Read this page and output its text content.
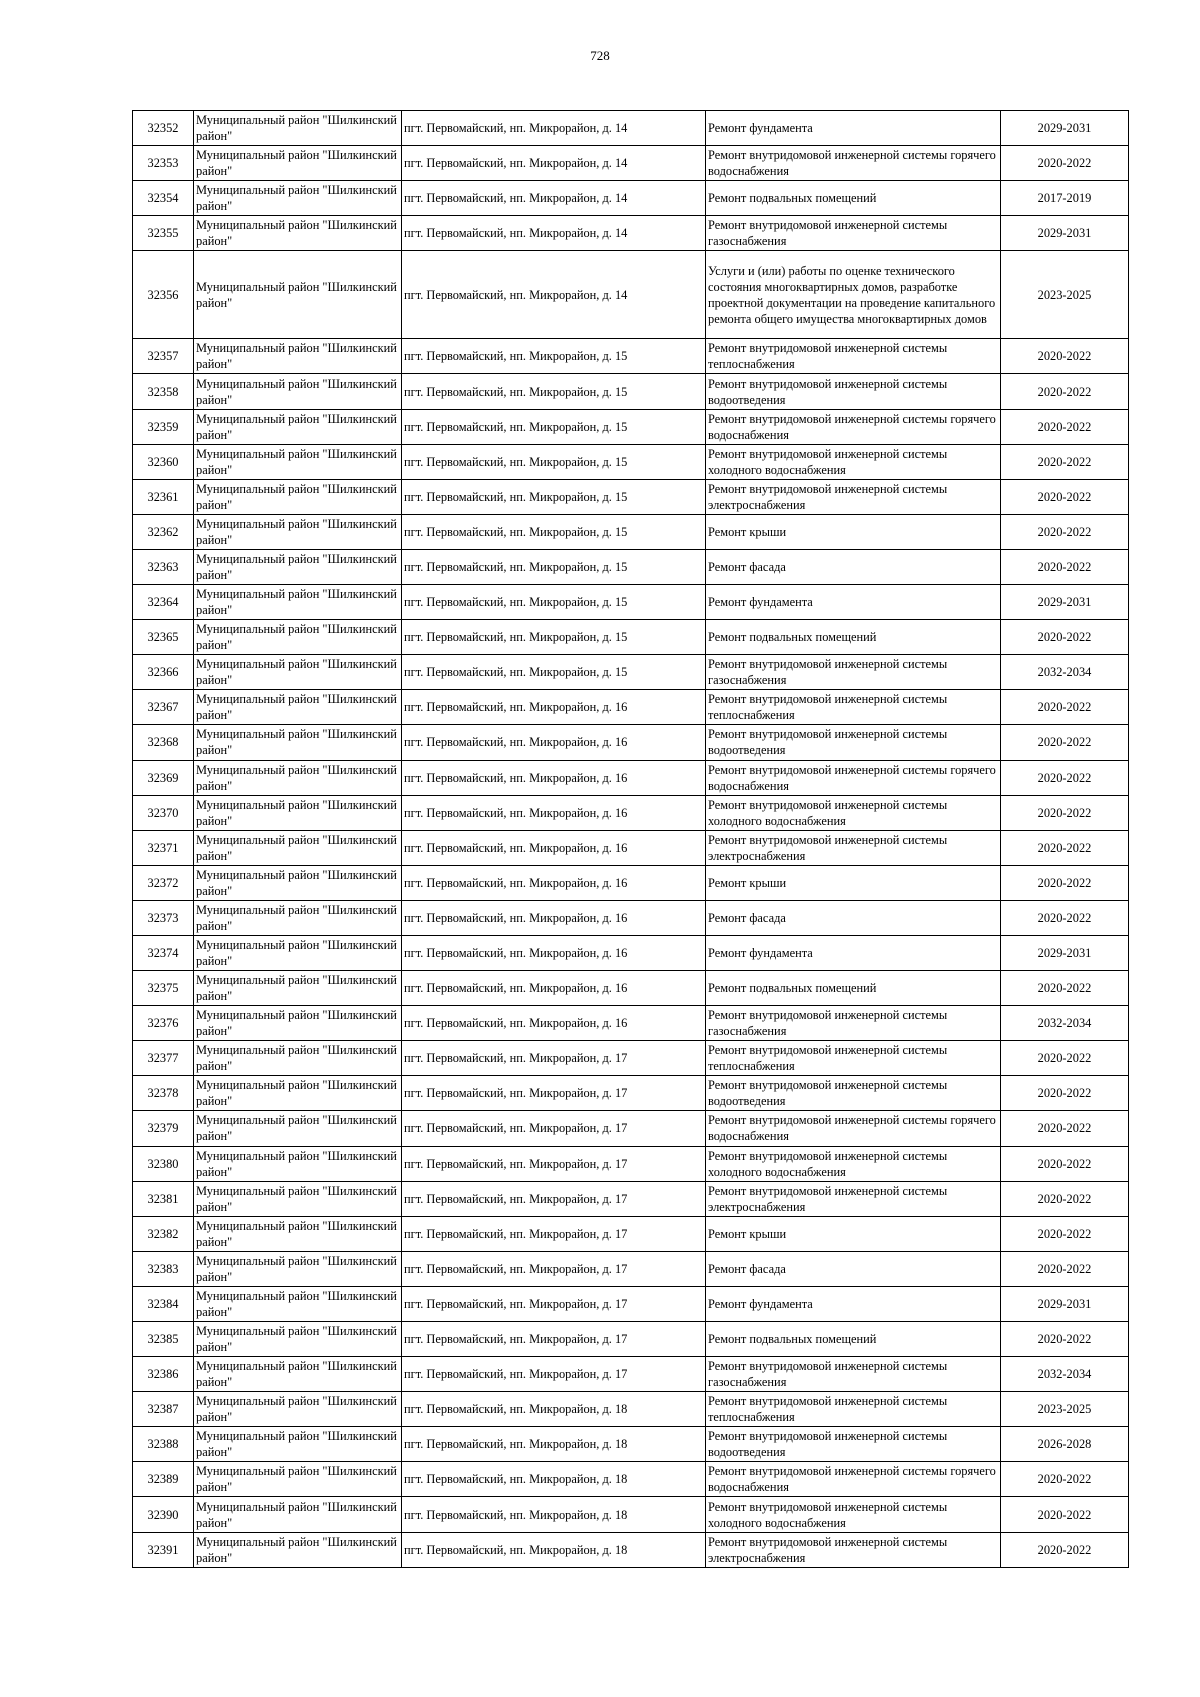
728
32352	Муниципальный район "Шилкинский район"	пгт. Первомайский, нп. Микрорайон, д. 14	Ремонт фундамента	2029-2031
32353	Муниципальный район "Шилкинский район"	пгт. Первомайский, нп. Микрорайон, д. 14	Ремонт внутридомовой инженерной системы горячего водоснабжения	2020-2022
32354	Муниципальный район "Шилкинский район"	пгт. Первомайский, нп. Микрорайон, д. 14	Ремонт подвальных помещений	2017-2019
32355	Муниципальный район "Шилкинский район"	пгт. Первомайский, нп. Микрорайон, д. 14	Ремонт внутридомовой инженерной системы газоснабжения	2029-2031
32356	Муниципальный район "Шилкинский район"	пгт. Первомайский, нп. Микрорайон, д. 14	Услуги и (или) работы по оценке технического состояния многоквартирных домов, разработке проектной документации на проведение капитального ремонта общего имущества многоквартирных домов	2023-2025
32357	Муниципальный район "Шилкинский район"	пгт. Первомайский, нп. Микрорайон, д. 15	Ремонт внутридомовой инженерной системы теплоснабжения	2020-2022
32358	Муниципальный район "Шилкинский район"	пгт. Первомайский, нп. Микрорайон, д. 15	Ремонт внутридомовой инженерной системы водоотведения	2020-2022
32359	Муниципальный район "Шилкинский район"	пгт. Первомайский, нп. Микрорайон, д. 15	Ремонт внутридомовой инженерной системы горячего водоснабжения	2020-2022
32360	Муниципальный район "Шилкинский район"	пгт. Первомайский, нп. Микрорайон, д. 15	Ремонт внутридомовой инженерной системы холодного водоснабжения	2020-2022
32361	Муниципальный район "Шилкинский район"	пгт. Первомайский, нп. Микрорайон, д. 15	Ремонт внутридомовой инженерной системы электроснабжения	2020-2022
32362	Муниципальный район "Шилкинский район"	пгт. Первомайский, нп. Микрорайон, д. 15	Ремонт крыши	2020-2022
32363	Муниципальный район "Шилкинский район"	пгт. Первомайский, нп. Микрорайон, д. 15	Ремонт фасада	2020-2022
32364	Муниципальный район "Шилкинский район"	пгт. Первомайский, нп. Микрорайон, д. 15	Ремонт фундамента	2029-2031
32365	Муниципальный район "Шилкинский район"	пгт. Первомайский, нп. Микрорайон, д. 15	Ремонт подвальных помещений	2020-2022
32366	Муниципальный район "Шилкинский район"	пгт. Первомайский, нп. Микрорайон, д. 15	Ремонт внутридомовой инженерной системы газоснабжения	2032-2034
32367	Муниципальный район "Шилкинский район"	пгт. Первомайский, нп. Микрорайон, д. 16	Ремонт внутридомовой инженерной системы теплоснабжения	2020-2022
32368	Муниципальный район "Шилкинский район"	пгт. Первомайский, нп. Микрорайон, д. 16	Ремонт внутридомовой инженерной системы водоотведения	2020-2022
32369	Муниципальный район "Шилкинский район"	пгт. Первомайский, нп. Микрорайон, д. 16	Ремонт внутридомовой инженерной системы горячего водоснабжения	2020-2022
32370	Муниципальный район "Шилкинский район"	пгт. Первомайский, нп. Микрорайон, д. 16	Ремонт внутридомовой инженерной системы холодного водоснабжения	2020-2022
32371	Муниципальный район "Шилкинский район"	пгт. Первомайский, нп. Микрорайон, д. 16	Ремонт внутридомовой инженерной системы электроснабжения	2020-2022
32372	Муниципальный район "Шилкинский район"	пгт. Первомайский, нп. Микрорайон, д. 16	Ремонт крыши	2020-2022
32373	Муниципальный район "Шилкинский район"	пгт. Первомайский, нп. Микрорайон, д. 16	Ремонт фасада	2020-2022
32374	Муниципальный район "Шилкинский район"	пгт. Первомайский, нп. Микрорайон, д. 16	Ремонт фундамента	2029-2031
32375	Муниципальный район "Шилкинский район"	пгт. Первомайский, нп. Микрорайон, д. 16	Ремонт подвальных помещений	2020-2022
32376	Муниципальный район "Шилкинский район"	пгт. Первомайский, нп. Микрорайон, д. 16	Ремонт внутридомовой инженерной системы газоснабжения	2032-2034
32377	Муниципальный район "Шилкинский район"	пгт. Первомайский, нп. Микрорайон, д. 17	Ремонт внутридомовой инженерной системы теплоснабжения	2020-2022
32378	Муниципальный район "Шилкинский район"	пгт. Первомайский, нп. Микрорайон, д. 17	Ремонт внутридомовой инженерной системы водоотведения	2020-2022
32379	Муниципальный район "Шилкинский район"	пгт. Первомайский, нп. Микрорайон, д. 17	Ремонт внутридомовой инженерной системы горячего водоснабжения	2020-2022
32380	Муниципальный район "Шилкинский район"	пгт. Первомайский, нп. Микрорайон, д. 17	Ремонт внутридомовой инженерной системы холодного водоснабжения	2020-2022
32381	Муниципальный район "Шилкинский район"	пгт. Первомайский, нп. Микрорайон, д. 17	Ремонт внутридомовой инженерной системы электроснабжения	2020-2022
32382	Муниципальный район "Шилкинский район"	пгт. Первомайский, нп. Микрорайон, д. 17	Ремонт крыши	2020-2022
32383	Муниципальный район "Шилкинский район"	пгт. Первомайский, нп. Микрорайон, д. 17	Ремонт фасада	2020-2022
32384	Муниципальный район "Шилкинский район"	пгт. Первомайский, нп. Микрорайон, д. 17	Ремонт фундамента	2029-2031
32385	Муниципальный район "Шилкинский район"	пгт. Первомайский, нп. Микрорайон, д. 17	Ремонт подвальных помещений	2020-2022
32386	Муниципальный район "Шилкинский район"	пгт. Первомайский, нп. Микрорайон, д. 17	Ремонт внутридомовой инженерной системы газоснабжения	2032-2034
32387	Муниципальный район "Шилкинский район"	пгт. Первомайский, нп. Микрорайон, д. 18	Ремонт внутридомовой инженерной системы теплоснабжения	2023-2025
32388	Муниципальный район "Шилкинский район"	пгт. Первомайский, нп. Микрорайон, д. 18	Ремонт внутридомовой инженерной системы водоотведения	2026-2028
32389	Муниципальный район "Шилкинский район"	пгт. Первомайский, нп. Микрорайон, д. 18	Ремонт внутридомовой инженерной системы горячего водоснабжения	2020-2022
32390	Муниципальный район "Шилкинский район"	пгт. Первомайский, нп. Микрорайон, д. 18	Ремонт внутридомовой инженерной системы холодного водоснабжения	2020-2022
32391	Муниципальный район "Шилкинский район"	пгт. Первомайский, нп. Микрорайон, д. 18	Ремонт внутридомовой инженерной системы электроснабжения	2020-2022
